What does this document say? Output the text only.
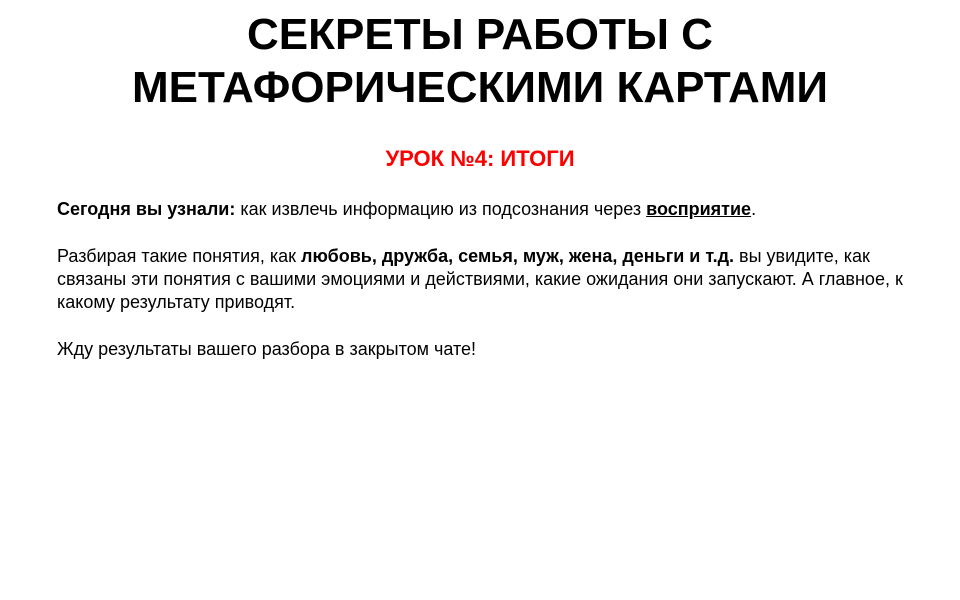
СЕКРЕТЫ РАБОТЫ С
МЕТАФОРИЧЕСКИМИ КАРТАМИ
УРОК №4: ИТОГИ

Сегодня вы узнали: как извлечь информацию из подсознания через восприятие.

Разбирая такие понятия, как любовь, дружба, семья, муж, жена, деньги и т.д. вы увидите, как связаны эти понятия с вашими эмоциями и действиями, какие ожидания они запускают. А главное, к какому результату приводят.

Жду результаты вашего разбора в закрытом чате!
